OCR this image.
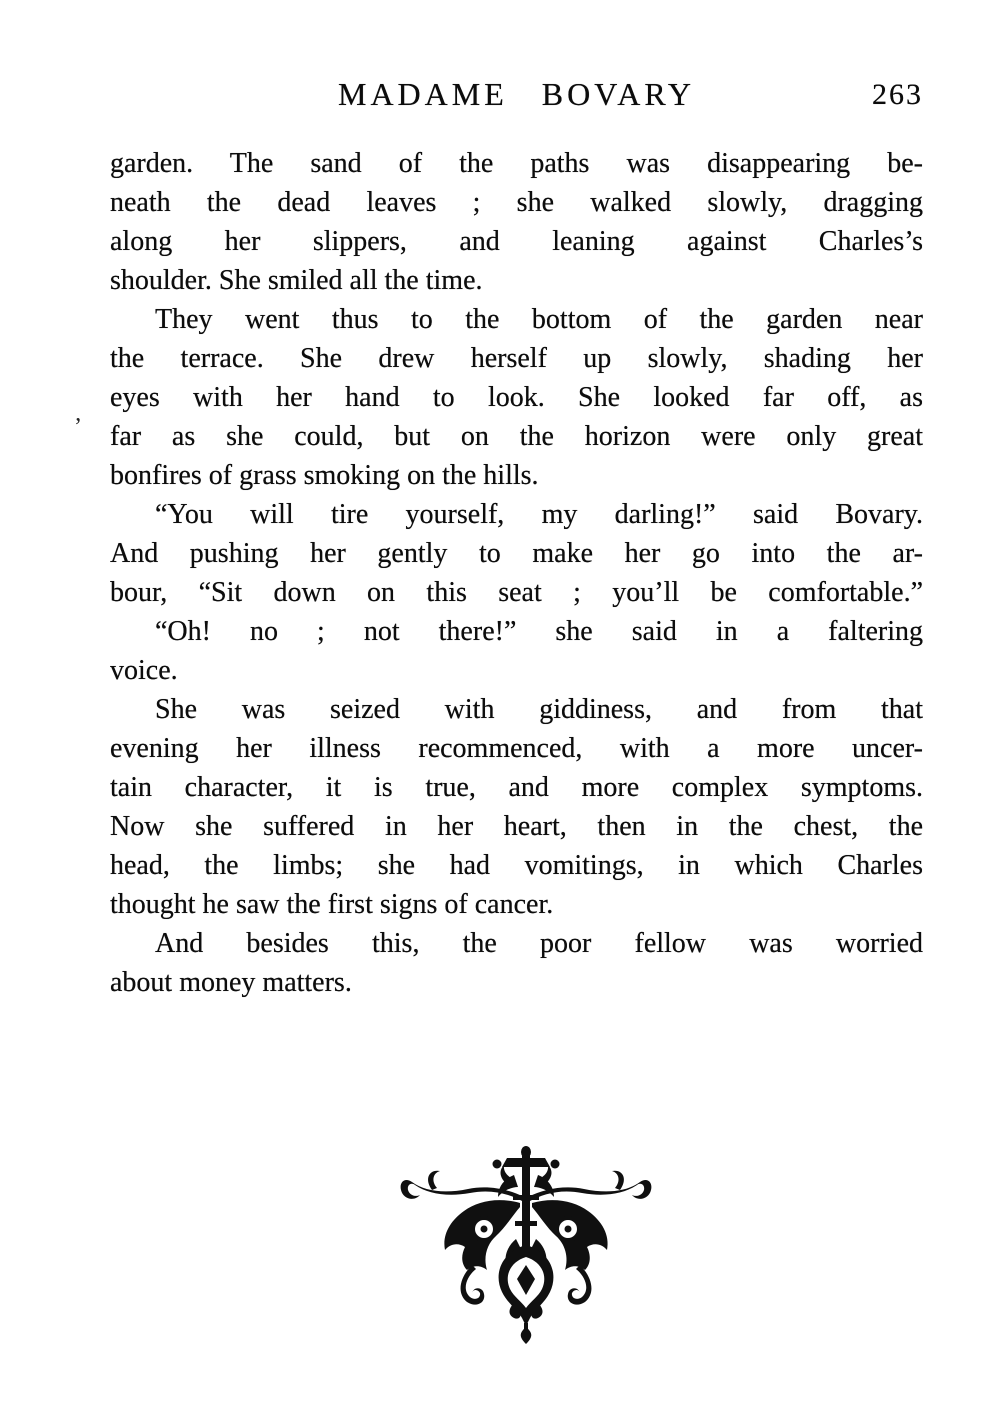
MADAME BOVARY	263
’
garden. The sand of the paths was disappearing be-
neath the dead leaves ; she walked slowly, dragging
along her slippers, and leaning against Charles’s
shoulder. She smiled all the time.
They went thus to the bottom of the garden near
the terrace. She drew herself up slowly, shading her
eyes with her hand to look. She looked far off, as
far as she could, but on the horizon were only great
bonfires of grass smoking on the hills.
“You will tire yourself, my darling!” said Bovary.
And pushing her gently to make her go into the ar-
bour, “Sit down on this seat ; you’ll be comfortable.”
“Oh! no ; not there!” she said in a faltering
voice.
She was seized with giddiness, and from that
evening her illness recommenced, with a more uncer-
tain character, it is true, and more complex symptoms.
Now she suffered in her heart, then in the chest, the
head, the limbs; she had vomitings, in which Charles
thought he saw the first signs of cancer.
And besides this, the poor fellow was worried
about money matters.
